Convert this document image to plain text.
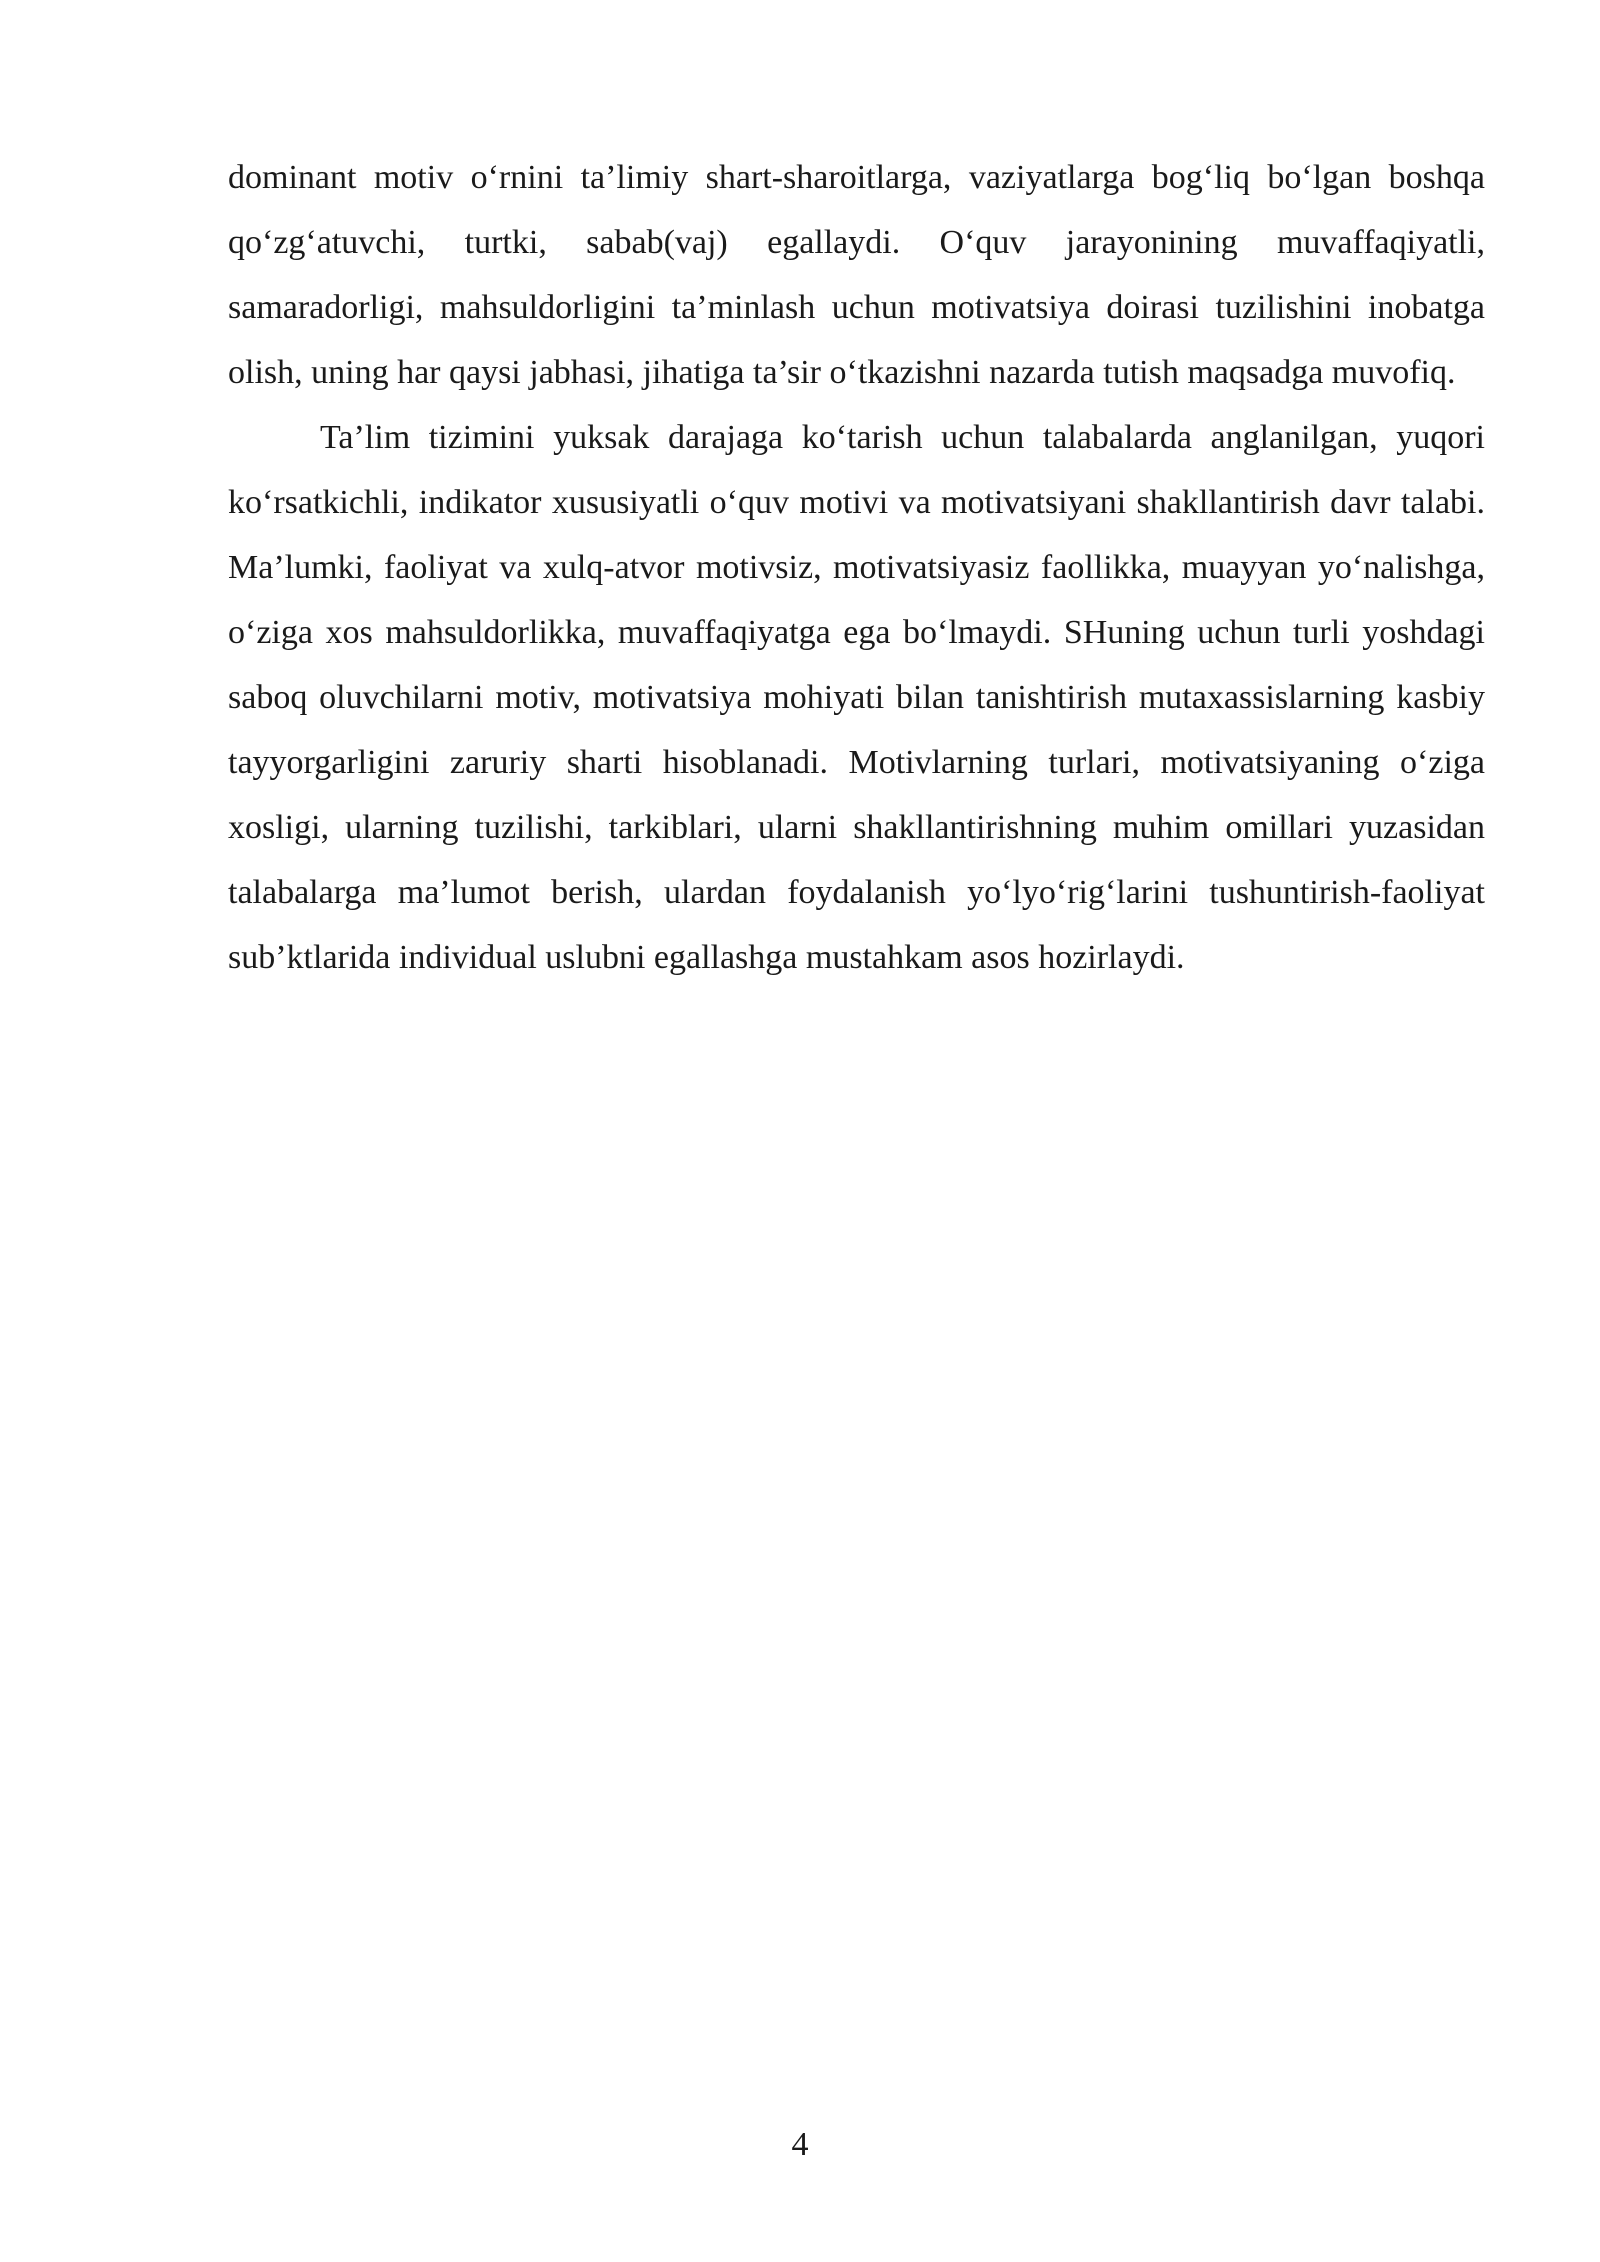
dominant motiv o‘rnini ta’limiy shart-sharoitlarga, vaziyatlarga bog‘liq bo‘lgan boshqa qo‘zg‘atuvchi, turtki, sabab(vaj) egallaydi. O‘quv jarayonining muvaffaqiyatli, samaradorligi, mahsuldorligini ta’minlash uchun motivatsiya doirasi tuzilishini inobatga olish, uning har qaysi jabhasi, jihatiga ta’sir o‘tkazishni nazarda tutish maqsadga muvofiq.

Ta’lim tizimini yuksak darajaga ko‘tarish uchun talabalarda anglanilgan, yuqori ko‘rsatkichli, indikator xususiyatli o‘quv motivi va motivatsiyani shakllantirish davr talabi. Ma’lumki, faoliyat va xulq-atvor motivsiz, motivatsiyasiz faollikka, muayyan yo‘nalishga, o‘ziga xos mahsuldorlikka, muvaffaqiyatga ega bo‘lmaydi. SHuning uchun turli yoshdagi saboq oluvchilarni motiv, motivatsiya mohiyati bilan tanishtirish mutaxassislarning kasbiy tayyorgarligini zaruriy sharti hisoblanadi. Motivlarning turlari, motivatsiyaning o‘ziga xosligi, ularning tuzilishi, tarkiblari, ularni shakllantirishning muhim omillari yuzasidan talabalarga ma’lumot berish, ulardan foydalanish yo‘lyo‘rig‘larini tushuntirish-faoliyat sub’ktlarida individual uslubni egallashga mustahkam asos hozirlaydi.

4
